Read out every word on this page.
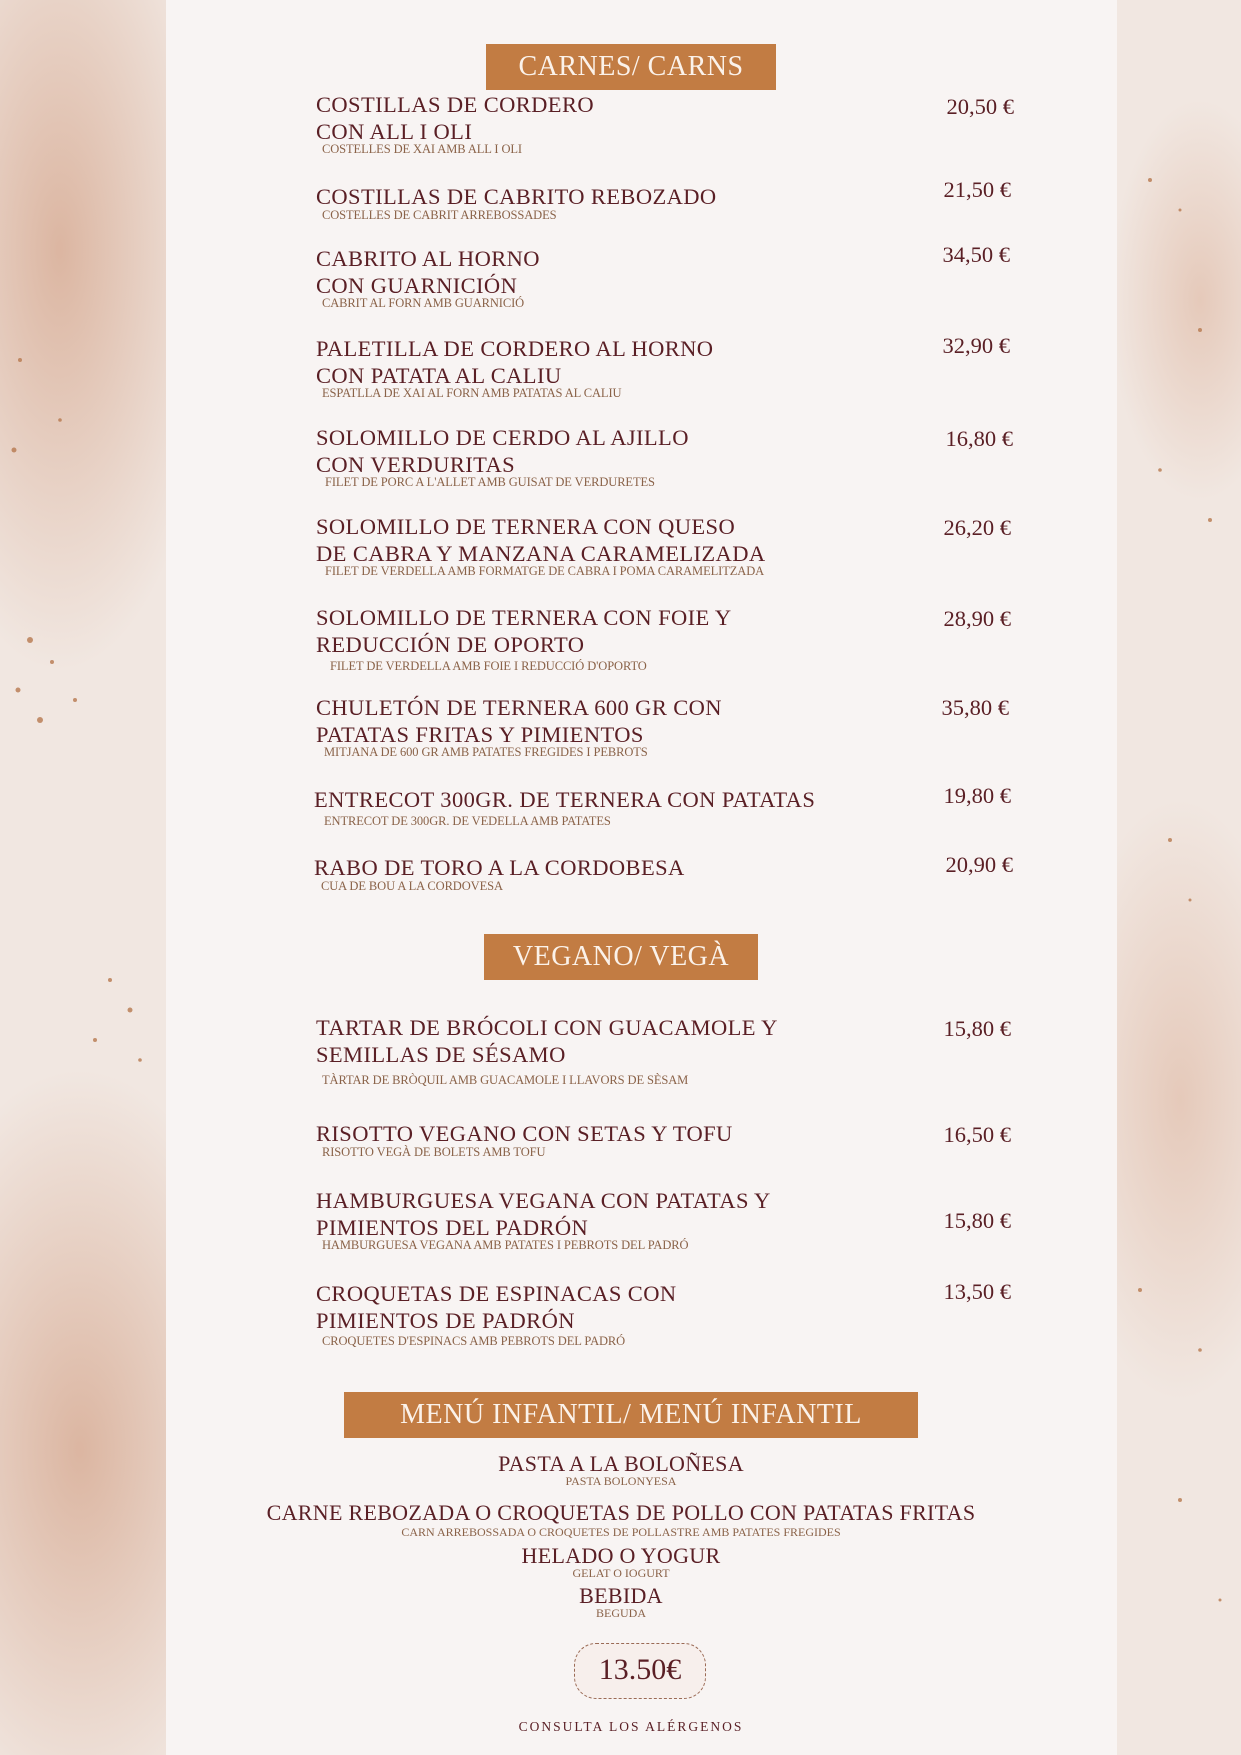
CARNES/ CARNS
COSTILLAS DE CORDERO
CON ALL I OLI
COSTELLES DE XAI AMB ALL I OLI
20,50 €
COSTILLAS DE CABRITO REBOZADO
COSTELLES DE CABRIT ARREBOSSADES
21,50 €
CABRITO AL HORNO
CON GUARNICIÓN
CABRIT AL FORN AMB GUARNICIÓ
34,50 €
PALETILLA DE CORDERO AL HORNO
CON PATATA AL CALIU
ESPATLLA DE XAI AL FORN AMB PATATAS AL CALIU
32,90 €
SOLOMILLO DE CERDO AL AJILLO
CON VERDURITAS
FILET DE PORC A L'ALLET AMB GUISAT DE VERDURETES
16,80 €
SOLOMILLO DE TERNERA CON QUESO
DE CABRA Y MANZANA CARAMELIZADA
FILET DE VERDELLA AMB FORMATGE DE CABRA I POMA CARAMELITZADA
26,20 €
SOLOMILLO DE TERNERA CON FOIE Y
REDUCCIÓN DE OPORTO
FILET DE VERDELLA AMB FOIE I REDUCCIÓ D'OPORTO
28,90 €
CHULETÓN DE TERNERA 600 GR CON
PATATAS FRITAS Y PIMIENTOS
MITJANA DE 600 GR AMB PATATES FREGIDES I PEBROTS
35,80 €
ENTRECOT 300GR. DE TERNERA CON PATATAS
ENTRECOT DE 300GR. DE VEDELLA AMB PATATES
19,80 €
RABO DE TORO A LA CORDOBESA
CUA DE BOU A LA CORDOVESA
20,90 €
VEGANO/ VEGÀ
TARTAR DE BRÓCOLI CON GUACAMOLE Y
SEMILLAS DE SÉSAMO
TÀRTAR DE BRÒQUIL AMB GUACAMOLE I LLAVORS DE SÈSAM
15,80 €
RISOTTO VEGANO CON SETAS Y TOFU
RISOTTO VEGÀ DE BOLETS AMB TOFU
16,50 €
HAMBURGUESA VEGANA CON PATATAS Y
PIMIENTOS DEL PADRÓN
HAMBURGUESA VEGANA AMB PATATES I PEBROTS DEL PADRÓ
15,80 €
CROQUETAS DE ESPINACAS CON
PIMIENTOS DE PADRÓN
CROQUETES D'ESPINACS AMB PEBROTS DEL PADRÓ
13,50 €
MENÚ INFANTIL/ MENÚ INFANTIL
PASTA A LA BOLOÑESA
PASTA BOLONYESA
CARNE REBOZADA O CROQUETAS DE POLLO CON PATATAS FRITAS
CARN ARREBOSSADA O CROQUETES DE POLLASTRE AMB PATATES FREGIDES
HELADO O YOGUR
GELAT O IOGURT
BEBIDA
BEGUDA
13.50€
CONSULTA LOS ALÉRGENOS
